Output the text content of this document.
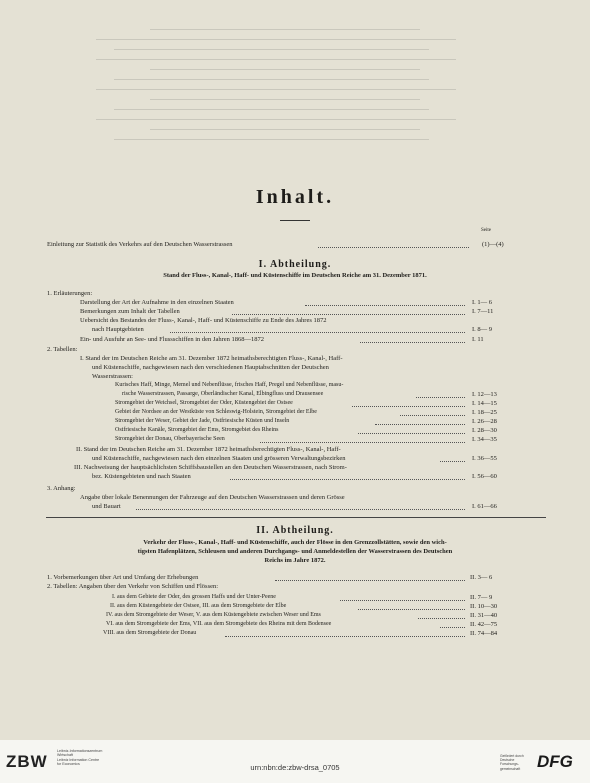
Inhalt.
Seite
Einleitung zur Statistik des Verkehrs auf den Deutschen Wasserstrassen	(1)—(4)
I. Abtheilung.
Stand der Fluss-, Kanal-, Haff- und Küstenschiffe im Deutschen Reiche am 31. Dezember 1871.
1. Erläuterungen:
Darstellung der Art der Aufnahme in den einzelnen Staaten	I. 1— 6
Bemerkungen zum Inhalt der Tabellen	I. 7—11
Uebersicht des Bestandes der Fluss-, Kanal-, Haff- und Küstenschiffe zu Ende des Jahres 1872
nach Hauptgebieten	I. 8— 9
Ein- und Ausfuhr an See- und Flussschiffen in den Jahren 1868—1872	I. 11
2. Tabellen:
I. Stand der im Deutschen Reiche am 31. Dezember 1872 heimathsberechtigten Fluss-, Kanal-, Haff-
und Küstenschiffe, nachgewiesen nach den verschiedenen Hauptabschnitten der Deutschen
Wasserstrassen:
Kurisches Haff, Minge, Memel und Nebenflüsse, frisches Haff, Pregel und Nebenflüsse, masu-
rische Wasserstrassen, Passarge, Oberländischer Kanal, Elbingfluss und Drausensee	I. 12—13
Stromgebiet der Weichsel, Stromgebiet der Oder, Küstengebiet der Ostsee	I. 14—15
Gebiet der Nordsee an der Westküste von Schleswig-Holstein, Stromgebiet der Elbe	I. 18—25
Stromgebiet der Weser, Gebiet der Jade, Ostfriesische Küsten und Inseln	I. 26—28
Ostfriesische Kanäle, Stromgebiet der Ems, Stromgebiet des Rheins	I. 28—30
Stromgebiet der Donau, Oberbayerische Seen	I. 34—35
II. Stand der im Deutschen Reiche am 31. Dezember 1872 heimathsberechtigten Fluss-, Kanal-, Haff-
und Küstenschiffe, nachgewiesen nach den einzelnen Staaten und grösseren Verwaltungsbezirken	I. 36—55
III. Nachweisung der hauptsächlichsten Schiffsbaustellen an den Deutschen Wasserstrassen, nach Strom-
bez. Küstengebieten und nach Staaten	I. 56—60
3. Anhang:
Angabe über lokale Benennungen der Fahrzeuge auf den Deutschen Wasserstrassen und deren Grösse
und Bauart	I. 61—66
II. Abtheilung.
Verkehr der Fluss-, Kanal-, Haff- und Küstenschiffe, auch der Flösse in den Grenzzollstätten, sowie den wich-
tigsten Hafenplätzen, Schleusen und anderen Durchgangs- und Anmeldestellen der Wasserstrassen des Deutschen
Reichs im Jahre 1872.
1. Vorbemerkungen über Art und Umfang der Erhebungen	II. 3— 6
2. Tabellen: Angaben über den Verkehr von Schiffen und Flössen:
I. aus dem Gebiete der Oder, des grossen Haffs und der Unter-Peene	II. 7— 9
II. aus dem Küstengebiete der Ostsee, III. aus dem Stromgebiete der Elbe	II. 10—30
IV. aus dem Stromgebiete der Weser, V. aus dem Küstengebiete zwischen Weser und Ems	II. 31—40
VI. aus dem Stromgebiete der Ems, VII. aus dem Stromgebiete des Rheins mit dem Bodensee	II. 42—75
VIII. aus dem Stromgebiete der Donau	II. 74—84
ZBW
Leibniz-Informationszentrum
Wirtschaft
Leibniz Information Centre
for Economics	urn:nbn:de:zbw-drsa_0705
Gefördert durch
Deutsche
Forschungs-
gemeinschaft DFG
